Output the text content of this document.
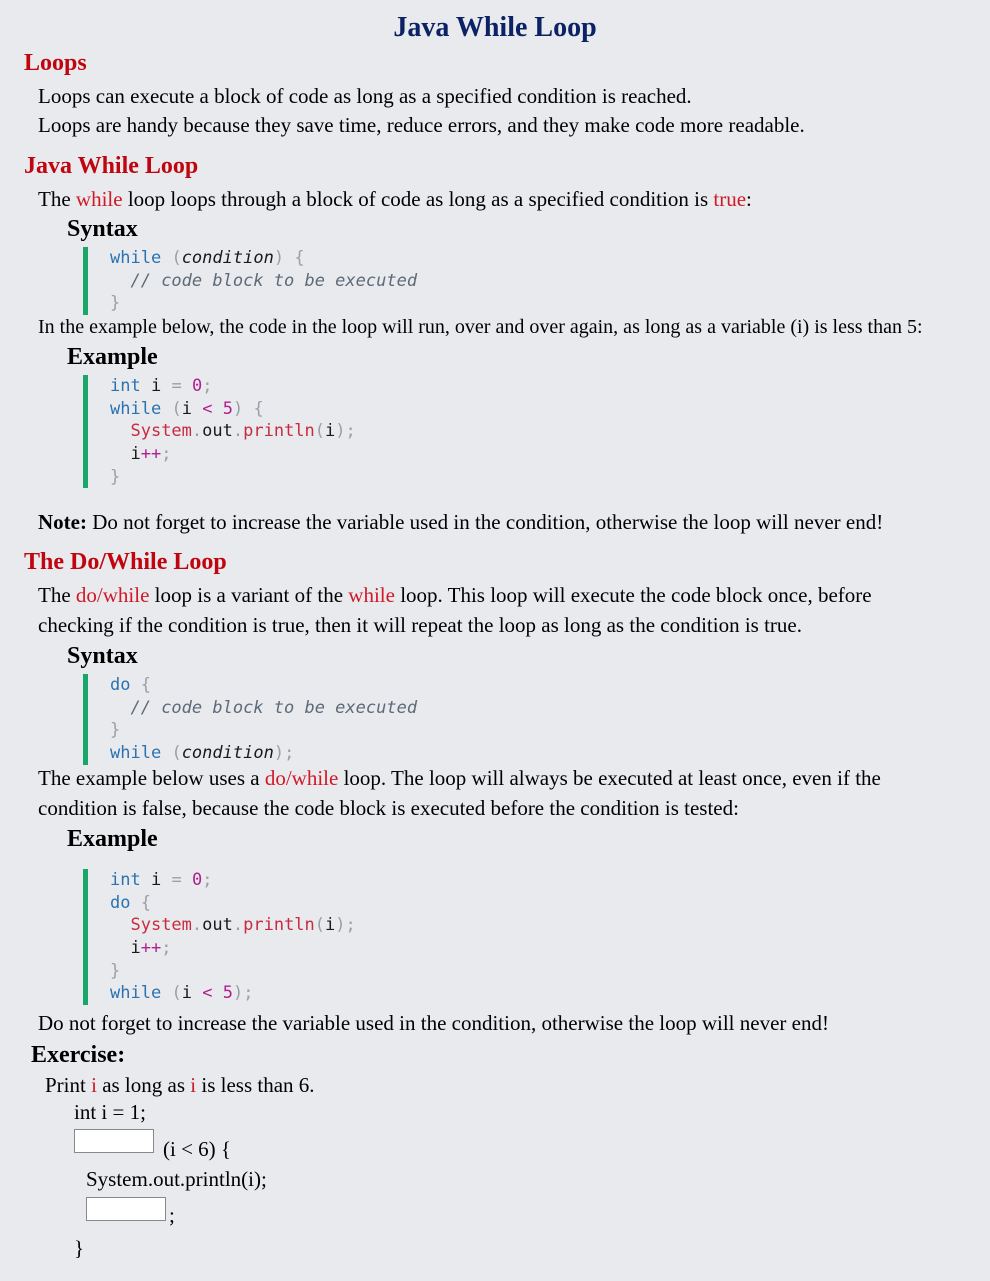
Java While Loop
Loops
Loops can execute a block of code as long as a specified condition is reached.
Loops are handy because they save time, reduce errors, and they make code more readable.
Java While Loop
The while loop loops through a block of code as long as a specified condition is true:
Syntax
while (condition) {
// code block to be executed
}
In the example below, the code in the loop will run, over and over again, as long as a variable (i) is less than 5:
Example
int i = 0;
while (i < 5) {
System.out.println(i);
i++;
}
Note: Do not forget to increase the variable used in the condition, otherwise the loop will never end!
The Do/While Loop
The do/while loop is a variant of the while loop. This loop will execute the code block once, before
checking if the condition is true, then it will repeat the loop as long as the condition is true.
Syntax
do {
// code block to be executed
}
while (condition);
The example below uses a do/while loop. The loop will always be executed at least once, even if the
condition is false, because the code block is executed before the condition is tested:
Example
int i = 0;
do {
System.out.println(i);
i++;
}
while (i < 5);
Do not forget to increase the variable used in the condition, otherwise the loop will never end!
Exercise:
Print i as long as i is less than 6.
int i = 1;
(i < 6) {
System.out.println(i);
;
}
